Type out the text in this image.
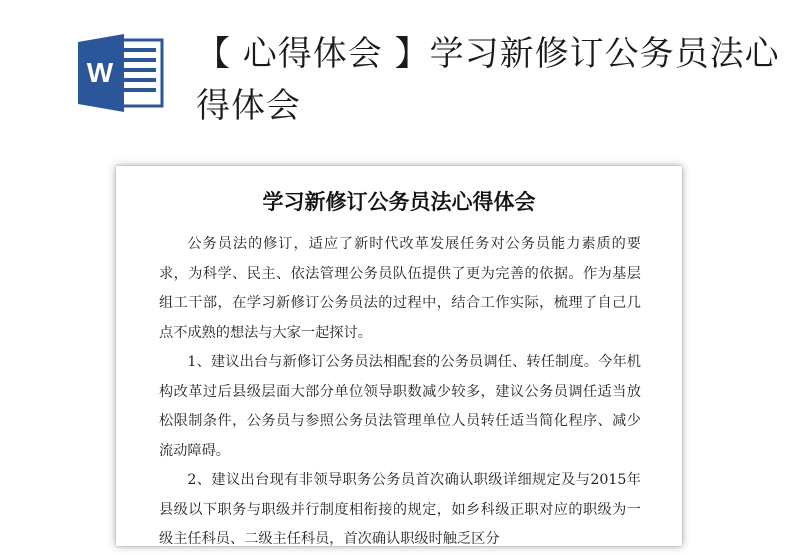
W 【 心得体会 】学习新修订公务员法心得体会
学习新修订公务员法心得体会

公务员法的修订，适应了新时代改革发展任务对公务员能力素质的要求，为科学、民主、依法管理公务员队伍提供了更为完善的依据。作为基层组工干部，在学习新修订公务员法的过程中，结合工作实际，梳理了自己几点不成熟的想法与大家一起探讨。

1、建议出台与新修订公务员法相配套的公务员调任、转任制度。今年机构改革过后县级层面大部分单位领导职数减少较多，建议公务员调任适当放松限制条件，公务员与参照公务员法管理单位人员转任适当简化程序、减少流动障碍。

2、建议出台现有非领导职务公务员首次确认职级详细规定及与2015年县级以下职务与职级并行制度相衔接的规定，如乡科级正职对应的职级为一级主任科员、二级主任科员，首次确认职级时触乏区分
